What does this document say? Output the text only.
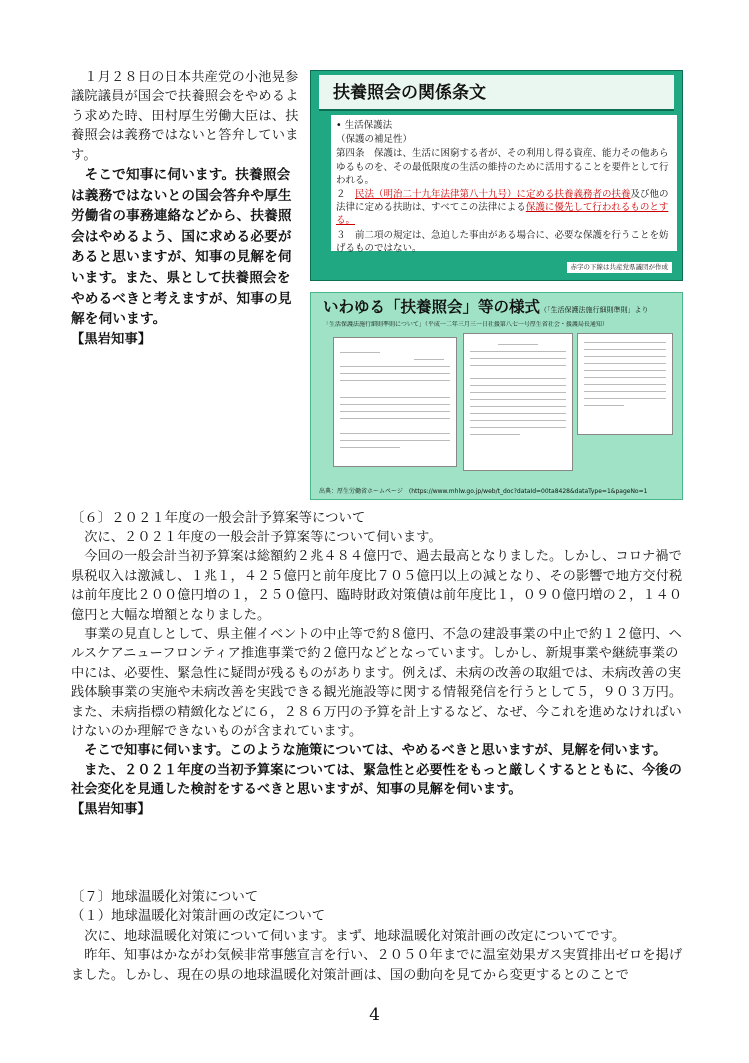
１月２８日の日本共産党の小池晃参議院議員が国会で扶養照会をやめるよう求めた時、田村厚生労働大臣は、扶養照会は義務ではないと答弁しています。

そこで知事に伺います。扶養照会は義務ではないとの国会答弁や厚生労働省の事務連絡などから、扶養照会はやめるよう、国に求める必要があると思いますが、知事の見解を伺います。また、県として扶養照会をやめるべきと考えますが、知事の見解を伺います。

【黒岩知事】
扶養照会の関係条文
• 生活保護法
（保護の補足性）
第四条　保護は、生活に困窮する者が、その利用し得る資産、能力その他あらゆるものを、その最低限度の生活の維持のために活用することを要件として行われる。
２　民法（明治二十九年法律第八十九号）に定める扶養義務者の扶養及び他の法律に定める扶助は、すべてこの法律による保護に優先して行われるものとする。
３　前二項の規定は、急迫した事由がある場合に、必要な保護を行うことを妨げるものではない。
赤字の下線は共産党県議団が作成
いわゆる「扶養照会」等の様式（「生活保護法施行細則準則」より
「生活保護法施行細則準則について」（平成一二年三月三一日社援第八七一号厚生省社会・援護局長通知）
出典：厚生労働省ホームページ　(https://www.mhlw.go.jp/web/t_doc?dataId=00ta8428&dataType=1&pageNo=1
〔６〕２０２１年度の一般会計予算案等について

次に、２０２１年度の一般会計予算案等について伺います。

今回の一般会計当初予算案は総額約２兆４８４億円で、過去最高となりました。しかし、コロナ禍で県税収入は激減し、１兆１，４２５億円と前年度比７０５億円以上の減となり、その影響で地方交付税は前年度比２００億円増の１，２５０億円、臨時財政対策債は前年度比１，０９０億円増の２，１４０億円と大幅な増額となりました。

事業の見直しとして、県主催イベントの中止等で約８億円、不急の建設事業の中止で約１２億円、ヘルスケアニューフロンティア推進事業で約２億円などとなっています。しかし、新規事業や継続事業の中には、必要性、緊急性に疑問が残るものがあります。例えば、未病の改善の取組では、未病改善の実践体験事業の実施や未病改善を実践できる観光施設等に関する情報発信を行うとして５，９０３万円。また、未病指標の精緻化などに６，２８６万円の予算を計上するなど、なぜ、今これを進めなければいけないのか理解できないものが含まれています。

そこで知事に伺います。このような施策については、やめるべきと思いますが、見解を伺います。

また、２０２１年度の当初予算案については、緊急性と必要性をもっと厳しくするとともに、今後の社会変化を見通した検討をするべきと思いますが、知事の見解を伺います。

【黒岩知事】
〔７〕地球温暖化対策について
（１）地球温暖化対策計画の改定について

次に、地球温暖化対策について伺います。まず、地球温暖化対策計画の改定についてです。

昨年、知事はかながわ気候非常事態宣言を行い、２０５０年までに温室効果ガス実質排出ゼロを掲げました。しかし、現在の県の地球温暖化対策計画は、国の動向を見てから変更するとのことで

4
